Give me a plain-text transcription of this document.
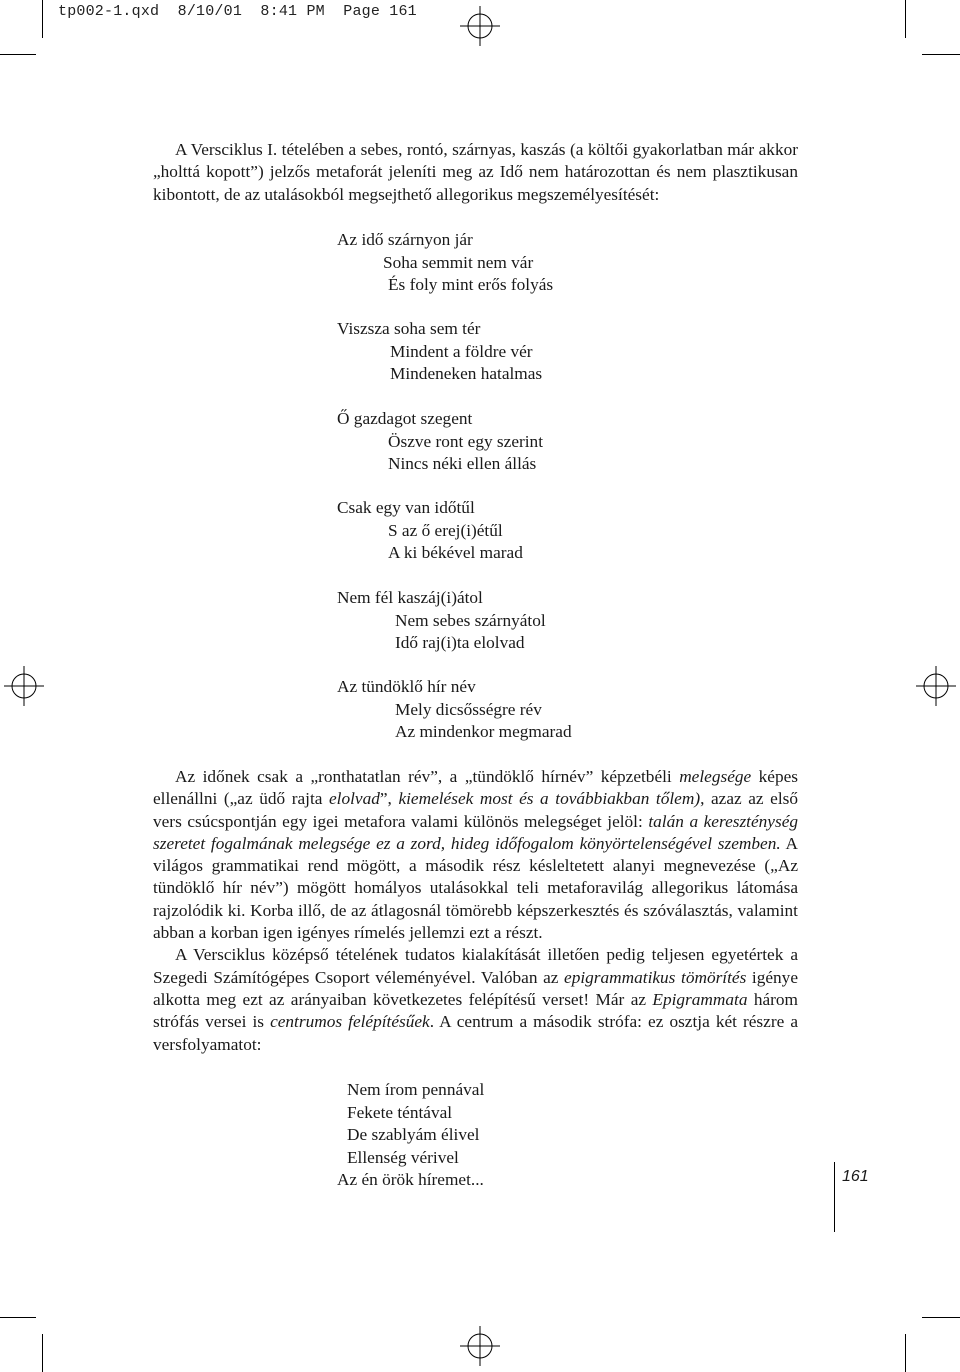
tp002-1.qxd  8/10/01  8:41 PM  Page 161

A Versciklus I. tételében a sebes, rontó, szárnyas, kaszás (a költői gyakorlatban már akkor „holttá kopott”) jelzős metaforát jeleníti meg az Idő nem határozottan és nem plasztikusan kibontott, de az utalásokból megsejthető allegorikus megszemélyesítését:

Az idő szárnyon jár
Soha semmit nem vár
És foly mint erős folyás
Viszsza soha sem tér
Mindent a földre vér
Mindeneken hatalmas
Ő gazdagot szegent
Öszve ront egy szerint
Nincs néki ellen állás
Csak egy van időtűl
S az ő erej(i)étűl
A ki békével marad
Nem fél kaszáj(i)átol
Nem sebes szárnyátol
Idő raj(i)ta elolvad
Az tündöklő hír név
Mely dicsősségre rév
Az mindenkor megmarad

Az időnek csak a „ronthatatlan rév”, a „tündöklő hírnév” képzetbéli melegsége képes ellenállni („az üdő rajta elolvad”, kiemelések most és a továbbiakban tőlem), azaz az első vers csúcspontján egy igei metafora valami különös melegséget jelöl: talán a kereszténység szeretet fogalmának melegsége ez a zord, hideg időfogalom könyörtelenségével szemben. A világos grammatikai rend mögött, a második rész késleltetett alanyi megnevezése („Az tündöklő hír név”) mögött homályos utalásokkal teli metaforavilág allegorikus látomása rajzolódik ki. Korba illő, de az átlagosnál tömörebb képszerkesztés és szóválasztás, valamint abban a korban igen igényes rímelés jellemzi ezt a részt.

A Versciklus középső tételének tudatos kialakítását illetően pedig teljesen egyetértek a Szegedi Számítógépes Csoport véleményével. Valóban az epigrammatikus tömörítés igénye alkotta meg ezt az arányaiban következetes felépítésű verset! Már az Epigrammata három strófás versei is centrumos felépítésűek. A centrum a második strófa: ez osztja két részre a versfolyamatot:

Nem írom pennával
Fekete téntával
De szablyám élivel
Ellenség vérivel
Az én örök híremet...	161
